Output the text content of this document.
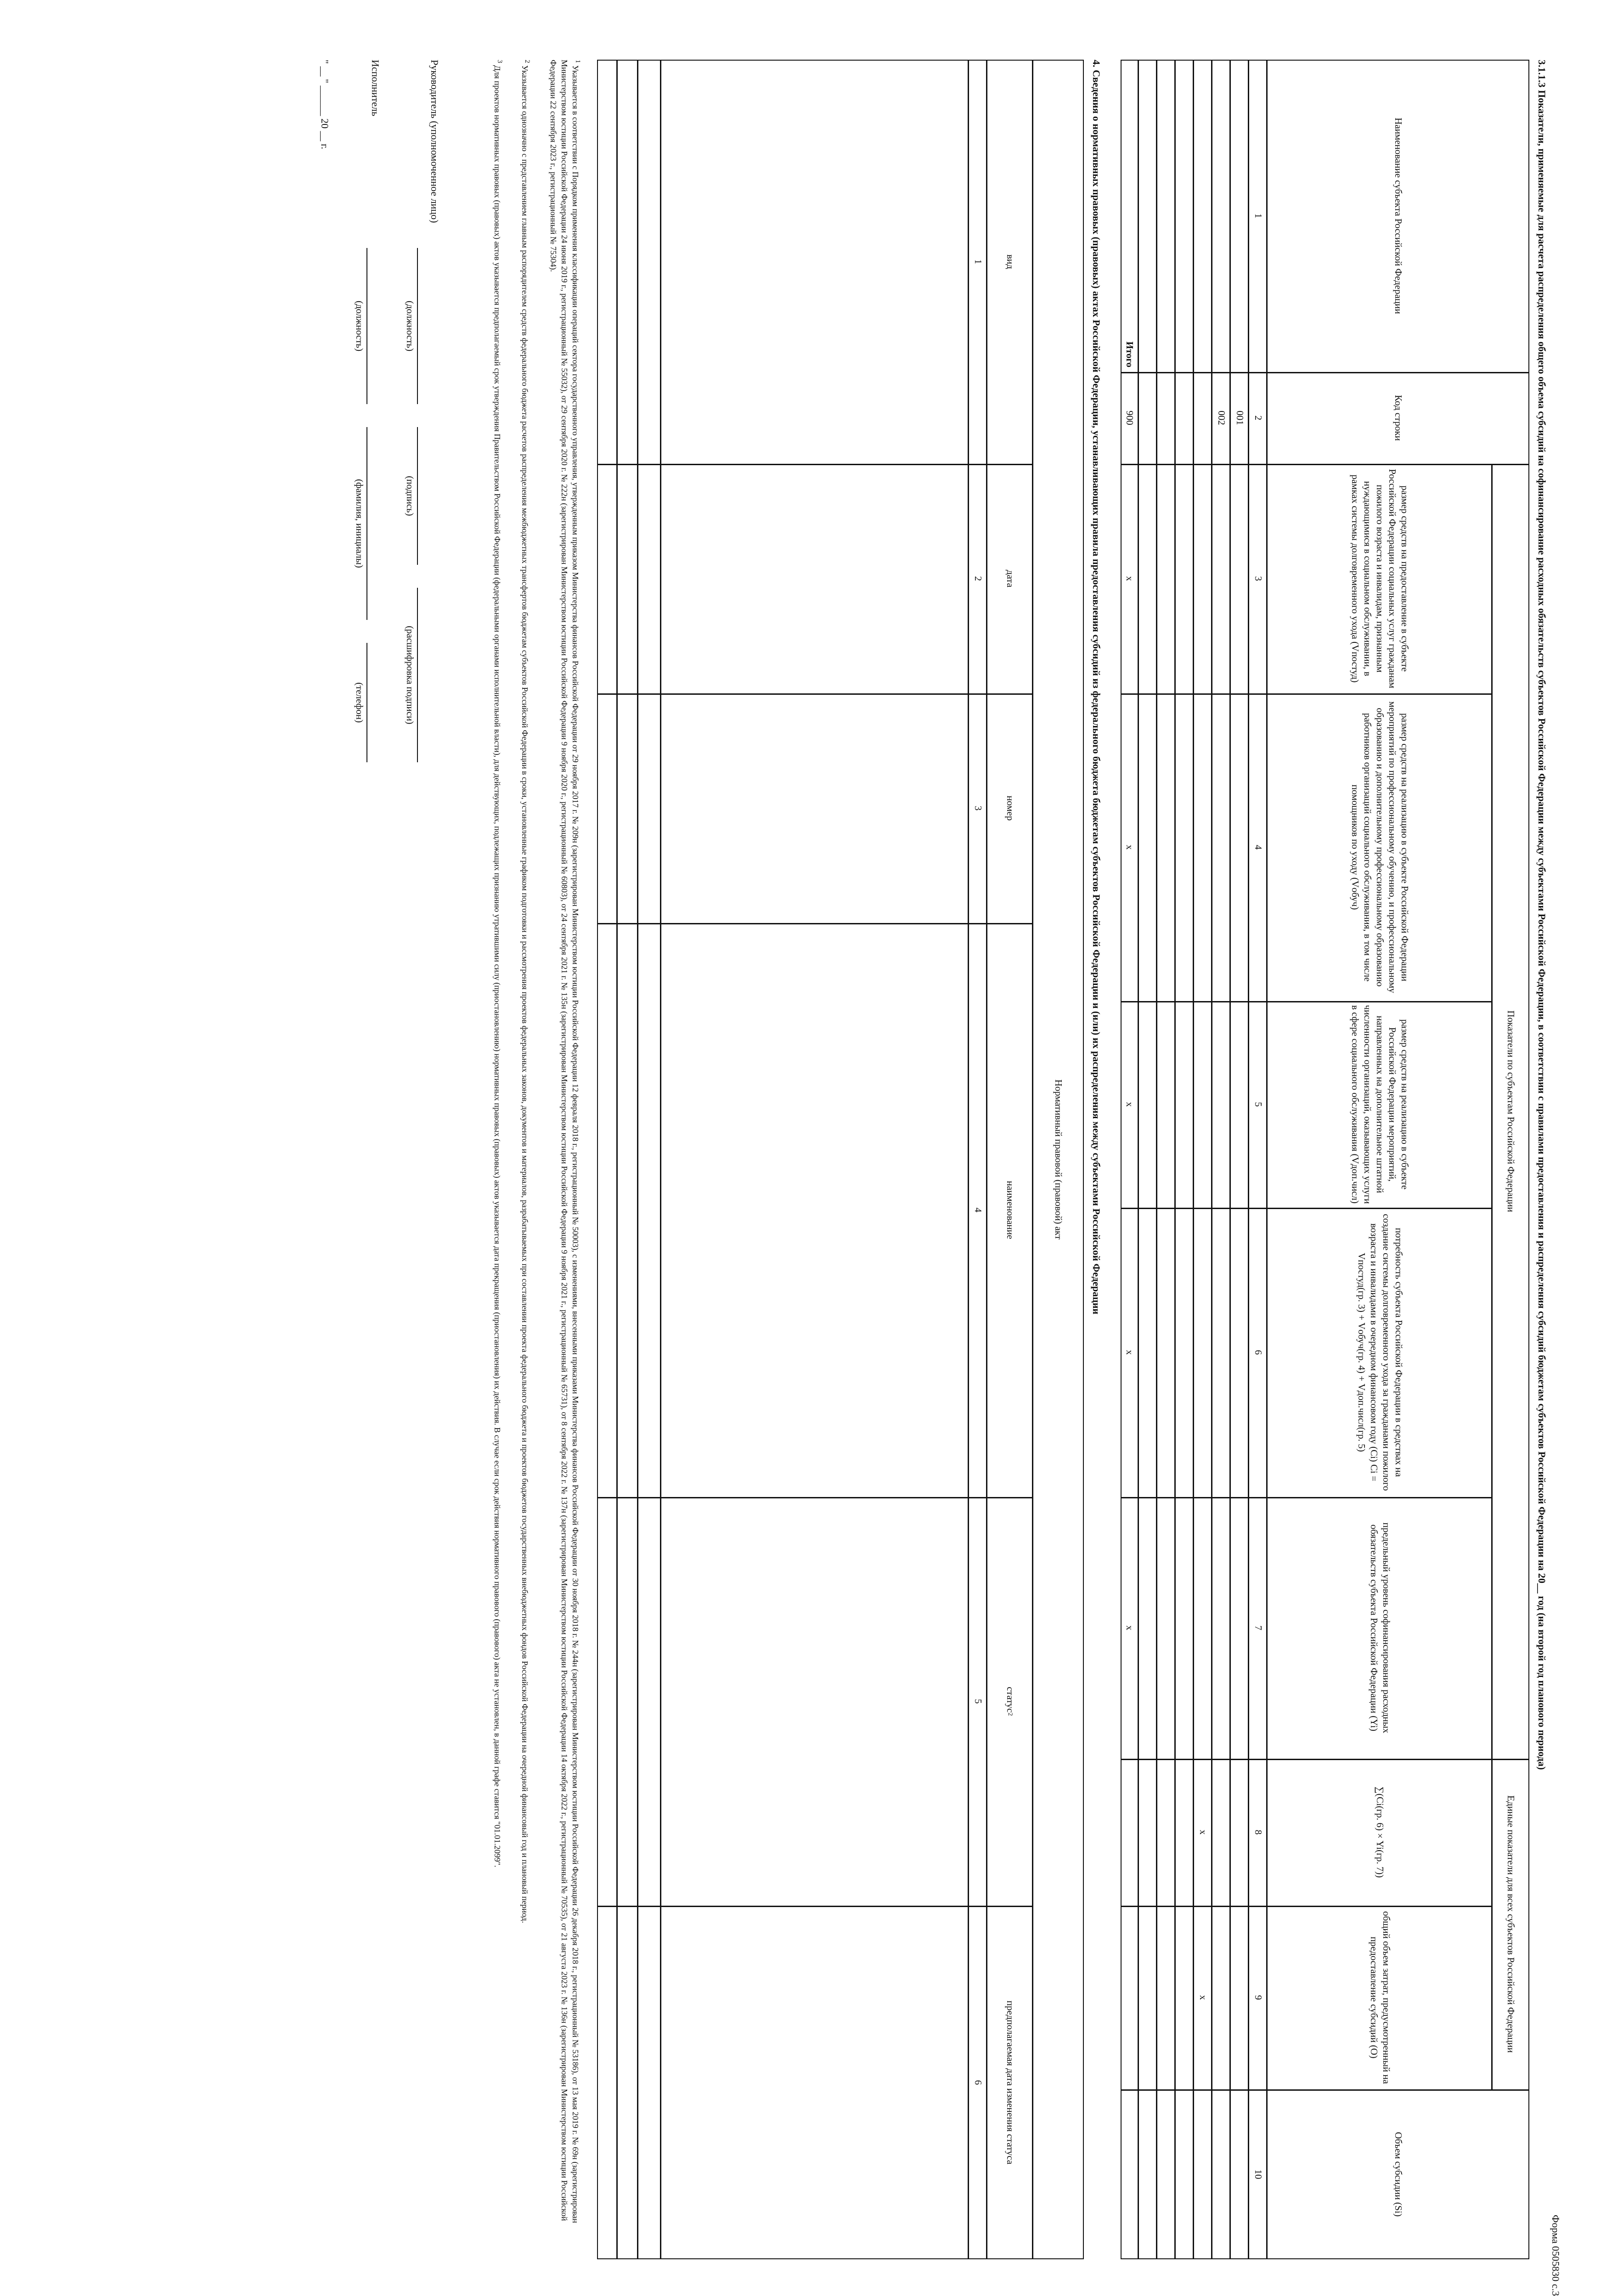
Форма 0505830 с.3
3.1.1.3 Показатели, применяемые для расчета распределения общего объема субсидий на софинансирование расходных обязательств субъектов Российской Федерации между субъектами Российской Федерации, в соответствии с правилами предоставления и распределения субсидий бюджетам субъектов Российской Федерации на 20__ год (на второй год планового периода)
Наименование субъекта Российской Федерации
Код строки
Показатели по субъектам Российской Федерации
Единые показатели для всех субъектов Российской Федерации
Объем субсидии (Si)
размер средств на предоставление в субъекте Российской Федерации социальных услуг гражданам пожилого возраста и инвалидам, признанным нуждающимися в социальном обслуживании, в рамках системы долговременного ухода (Vпостуд)
размер средств на реализацию в субъекте Российской Федерации мероприятий по профессиональному обучению, и профессиональному образованию и дополнительному профессиональному образованию работников организаций социального обслуживания, в том числе помощников по уходу (Vобуч)
размер средств на реализацию в субъекте Российской Федерации мероприятий, направленных на дополнительное штатной численности организаций, оказывающих услуги в сфере социального обслуживания (Vдоп.числ)
потребность субъекта Российской Федерации в средствах на создание системы долговременного ухода за гражданами пожилого возраста и инвалидами в очередном финансовом году (Ci) Ci = Vпостуд(гр. 3) + Vобуч(гр. 4) + Vдоп.числ(гр. 5)
предельный уровень софинансирования расходных обязательств субъекта Российской Федерации (Yi)
∑(Ci(гр. 6) × Yi(гр. 7))
общий объем затрат, предусмотренный на предоставление субсидий (O)
1
2
3
4
5
6
7
8
9
10
001
002
x
x
Итого
900
x
x
x
x
x
4. Сведения о нормативных правовых (правовых) актах Российской Федерации, устанавливающих правила предоставления субсидий из федерального бюджета бюджетам субъектов Российской Федерации и (или) их распределения между субъектами Российской Федерации
Нормативный правовой (правовой) акт
вид
дата
номер
наименование
статус
2
предполагаемая дата изменения статуса
1
2
3
4
5
6
$^1$ Указывается в соответствии с Порядком применения классификации операций сектора государственного управления, утвержденным приказом Министерства финансов Российской Федерации от 29 ноября 2017 г. № 209н (зарегистрирован Министерством юстиции Российской Федерации 12 февраля 2018 г., регистрационный № 50003), с изменениями, внесенными приказами Министерства финансов Российской Федерации от 30 ноября 2018 г. № 244н (зарегистрирован Министерством юстиции Российской Федерации 26 декабря 2018 г., регистрационный № 53186), от 13 мая 2019 г. № 69н (зарегистрирован Министерством юстиции Российской Федерации 24 июня 2019 г., регистрационный № 55032), от 29 сентября 2020 г. № 222н (зарегистрирован Министерством юстиции Российской Федерации 9 ноября 2020 г., регистрационный № 60803), от 24 сентября 2021 г. № 135н (зарегистрирован Министерством юстиции Российской Федерации 9 ноября 2021 г., регистрационный № 65731), от 8 сентября 2022 г. № 137н (зарегистрирован Министерством юстиции Российской Федерации 14 октября 2022 г., регистрационный № 70535), от 21 августа 2023 г. № 136н (зарегистрирован Министерством юстиции Российской Федерации 22 сентября 2023 г., регистрационный № 75304).
$^2$ Указывается однозначно с представлением главным распорядителем средств федерального бюджета расчетов распределения межбюджетных трансфертов бюджетам субъектов Российской Федерации в сроки, установленные графиком подготовки и рассмотрения проектов федеральных законов, документов и материалов, разрабатываемых при составлении проекта федерального бюджета и проектов бюджетов государственных внебюджетных фондов Российской Федерации на очередной финансовый год и плановый период.
$^3$ Для проектов нормативных правовых (правовых) актов указывается предполагаемый срок утверждения Правительством Российской Федерации (федеральными органами исполнительной власти), для действующих, подлежащих признанию утратившими силу (приостановлению) нормативных правовых (правовых) актов указывается дата прекращения (приостановления) их действия. В случае если срок действия нормативного правового (правового) акта не установлен, в данной графе ставится "01.01.2099".
Руководитель (уполномоченное лицо)
(должность)
(подпись)
(расшифровка подписи)
Исполнитель
(должность)
(фамилия, инициалы)
(телефон)
" __ " ______ 20 __ г.
